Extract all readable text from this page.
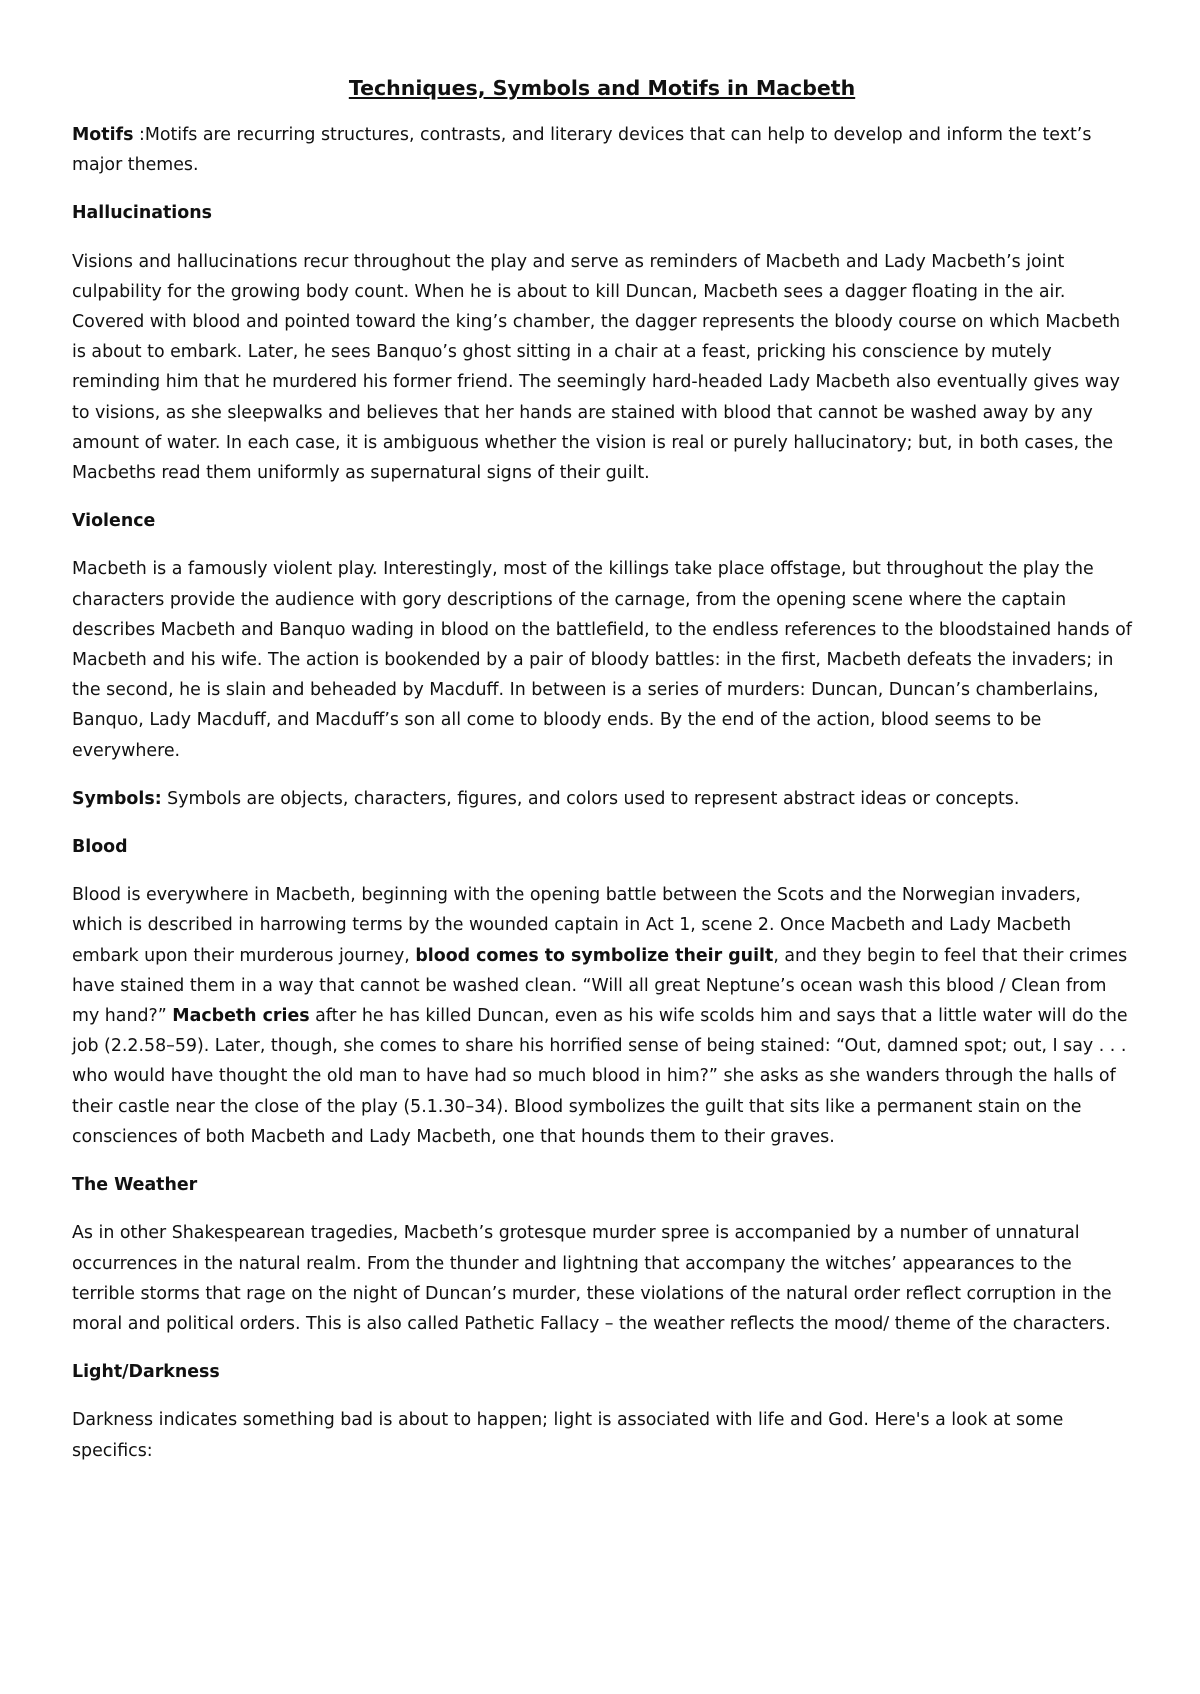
Techniques, Symbols and Motifs in Macbeth

Motifs :Motifs are recurring structures, contrasts, and literary devices that can help to develop and inform the text’s major themes.

Hallucinations

Visions and hallucinations recur throughout the play and serve as reminders of Macbeth and Lady Macbeth’s joint culpability for the growing body count. When he is about to kill Duncan, Macbeth sees a dagger floating in the air. Covered with blood and pointed toward the king’s chamber, the dagger represents the bloody course on which Macbeth is about to embark. Later, he sees Banquo’s ghost sitting in a chair at a feast, pricking his conscience by mutely reminding him that he murdered his former friend. The seemingly hard-headed Lady Macbeth also eventually gives way to visions, as she sleepwalks and believes that her hands are stained with blood that cannot be washed away by any amount of water. In each case, it is ambiguous whether the vision is real or purely hallucinatory; but, in both cases, the Macbeths read them uniformly as supernatural signs of their guilt.

Violence

Macbeth is a famously violent play. Interestingly, most of the killings take place offstage, but throughout the play the characters provide the audience with gory descriptions of the carnage, from the opening scene where the captain describes Macbeth and Banquo wading in blood on the battlefield, to the endless references to the bloodstained hands of Macbeth and his wife. The action is bookended by a pair of bloody battles: in the first, Macbeth defeats the invaders; in the second, he is slain and beheaded by Macduff. In between is a series of murders: Duncan, Duncan’s chamberlains, Banquo, Lady Macduff, and Macduff’s son all come to bloody ends. By the end of the action, blood seems to be everywhere.

Symbols: Symbols are objects, characters, figures, and colors used to represent abstract ideas or concepts.

Blood

Blood is everywhere in Macbeth, beginning with the opening battle between the Scots and the Norwegian invaders, which is described in harrowing terms by the wounded captain in Act 1, scene 2. Once Macbeth and Lady Macbeth embark upon their murderous journey, blood comes to symbolize their guilt, and they begin to feel that their crimes have stained them in a way that cannot be washed clean. “Will all great Neptune’s ocean wash this blood / Clean from my hand?” Macbeth cries after he has killed Duncan, even as his wife scolds him and says that a little water will do the job (2.2.58–59). Later, though, she comes to share his horrified sense of being stained: “Out, damned spot; out, I say . . . who would have thought the old man to have had so much blood in him?” she asks as she wanders through the halls of their castle near the close of the play (5.1.30–34). Blood symbolizes the guilt that sits like a permanent stain on the consciences of both Macbeth and Lady Macbeth, one that hounds them to their graves.

The Weather

As in other Shakespearean tragedies, Macbeth’s grotesque murder spree is accompanied by a number of unnatural occurrences in the natural realm. From the thunder and lightning that accompany the witches’ appearances to the terrible storms that rage on the night of Duncan’s murder, these violations of the natural order reflect corruption in the moral and political orders. This is also called Pathetic Fallacy – the weather reflects the mood/ theme of the characters.

Light/Darkness

Darkness indicates something bad is about to happen; light is associated with life and God. Here's a look at some specifics:
